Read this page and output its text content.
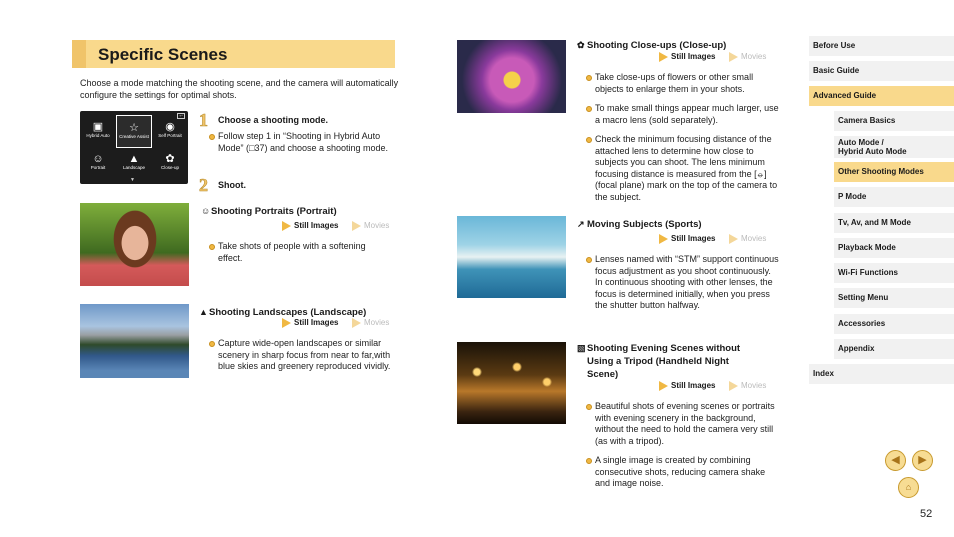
Specific Scenes
Choose a mode matching the shooting scene, and the camera will automatically configure the settings for optimal shots.
↩
▣
Hybrid Auto
☆
Creative Assist
◉
Self Portrait
☺
Portrait
▲
Landscape
✿
Close-up
▼
1 Choose a shooting mode.
Follow step 1 in “Shooting in Hybrid Auto Mode” (​□​37) and choose a shooting mode.
2 Shoot.
☺Shooting Portraits (Portrait)
Still Images	Movies
Take shots of people with a softening effect.
▲Shooting Landscapes (Landscape)
Still Images	Movies
Capture wide-open landscapes or similar scenery in sharp focus from near to far,with blue skies and greenery reproduced vividly.
✿ Shooting Close-ups (Close-up)
Still Images	Movies
Take close-ups of flowers or other small objects to enlarge them in your shots.
To make small things appear much larger, use a macro lens (sold separately).
Check the minimum focusing distance of the attached lens to determine how close to subjects you can shoot. The lens minimum focusing distance is measured from the [⦵] (focal plane) mark on the top of the camera to the subject.
↗ Moving Subjects (Sports)
Still Images	Movies
Lenses named with “STM” support continuous focus adjustment as you shoot continuously. In continuous shooting with other lenses, the focus is determined initially, when you press the shutter button halfway.
▧Shooting Evening Scenes without Using a Tripod (Handheld Night Scene)
Still Images	Movies
Beautiful shots of evening scenes or portraits with evening scenery in the background, without the need to hold the camera very still (as with a tripod).
A single image is created by combining consecutive shots, reducing camera shake and image noise.
Before Use
Basic Guide
Advanced Guide
Camera Basics
Auto Mode /
Hybrid Auto Mode
Other Shooting Modes
P Mode
Tv, Av, and M Mode
Playback Mode
Wi-Fi Functions
Setting Menu
Accessories
Appendix
Index
◀	▶
⌂
52
